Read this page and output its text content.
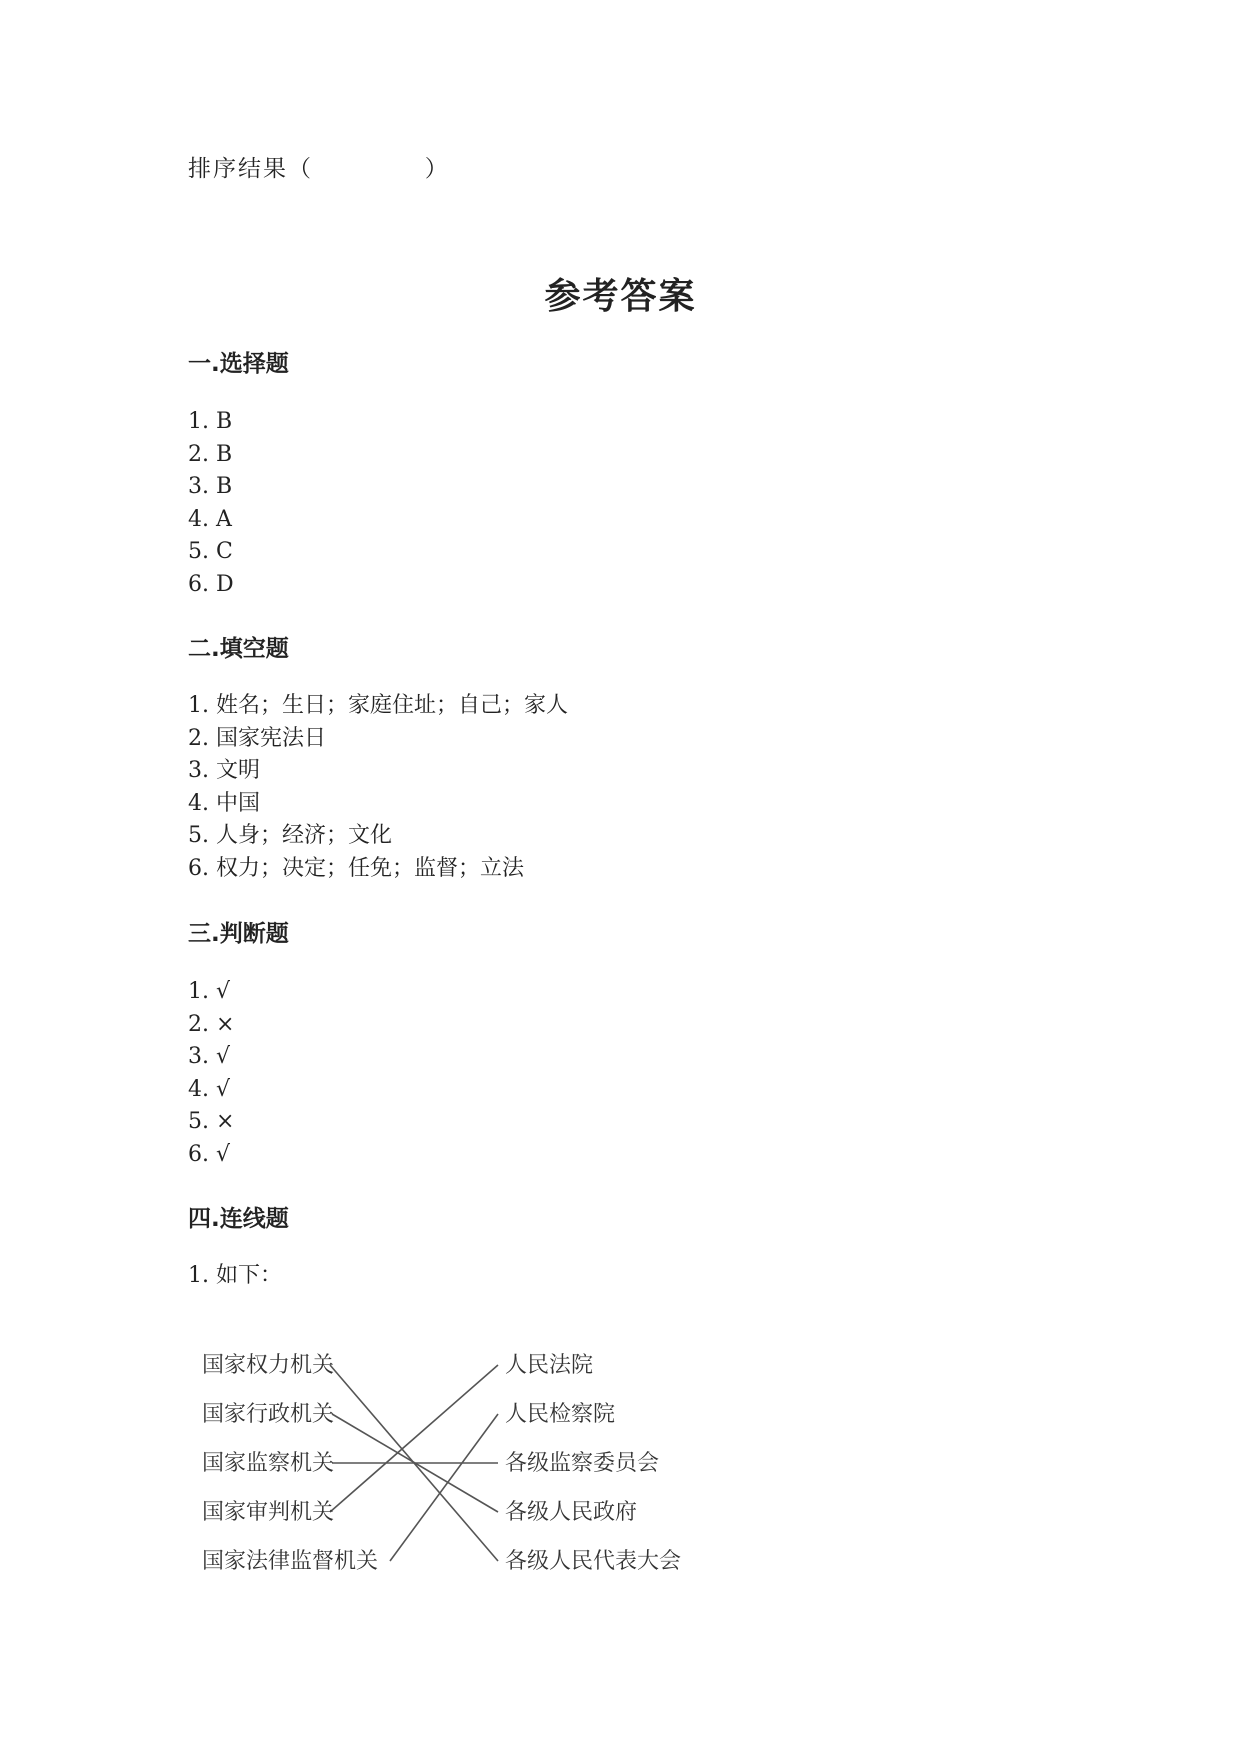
排序结果（            ）
参考答案
一.选择题
1. B
2. B
3. B
4. A
5. C
6. D
二.填空题
1. 姓名；生日；家庭住址；自己；家人
2. 国家宪法日
3. 文明
4. 中国
5. 人身；经济；文化
6. 权力；决定；任免；监督；立法
三.判断题
1. √
2. ×
3. √
4. √
5. ×
6. √
四.连线题
1. 如下：
国家权力机关
国家行政机关
国家监察机关
国家审判机关
国家法律监督机关
人民法院
人民检察院
各级监察委员会
各级人民政府
各级人民代表大会
